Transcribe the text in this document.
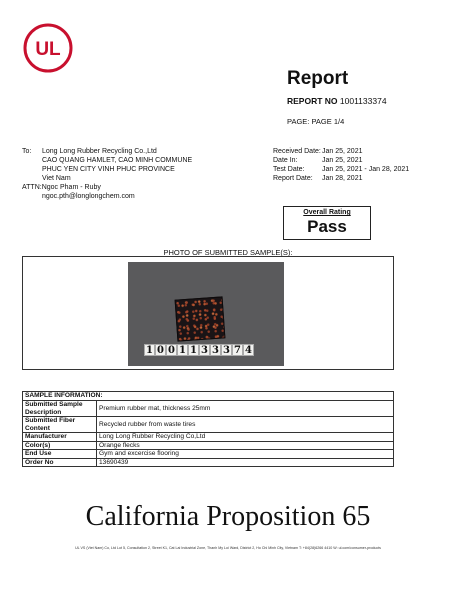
UL
Report
REPORT NO 1001133374
PAGE: PAGE 1/4
To: Long Long Rubber Recycling Co.,Ltd
CAO QUANG HAMLET, CAO MINH COMMUNE
PHUC YEN CITY VINH PHUC PROVINCE
Viet Nam
ATTN:Ngoc Pham - Ruby
ngoc.pth@longlongchem.com
Received Date:Jan 25, 2021
Date In:	Jan 25, 2021
Test Date: Jan 25, 2021 - Jan 28, 2021
Report Date: Jan 28, 2021
Overall Rating
Pass
PHOTO OF SUBMITTED SAMPLE(S):
1 0 0 1 1 3 3 3 7 4
SAMPLE INFORMATION:	
Submitted Sample Description	Premium rubber mat, thickness 25mm
Submitted Fiber Content	Recycled rubber from waste tires
Manufacturer	Long Long Rubber Recycling Co,Ltd
Color(s)	Orange flecks
End Use	Gym and excercise flooring
Order No	13690439
California Proposition 65
UL VS (Viet Nam) Co, Ltd Lot 5, Consultation 2, Street K1, Cat Lai Industrial Zone, Thanh My Loi Ward, District 2, Ho Chi Minh City, Vietnam T: +84(28)6266 4410 W: ul.com/consumer-products
